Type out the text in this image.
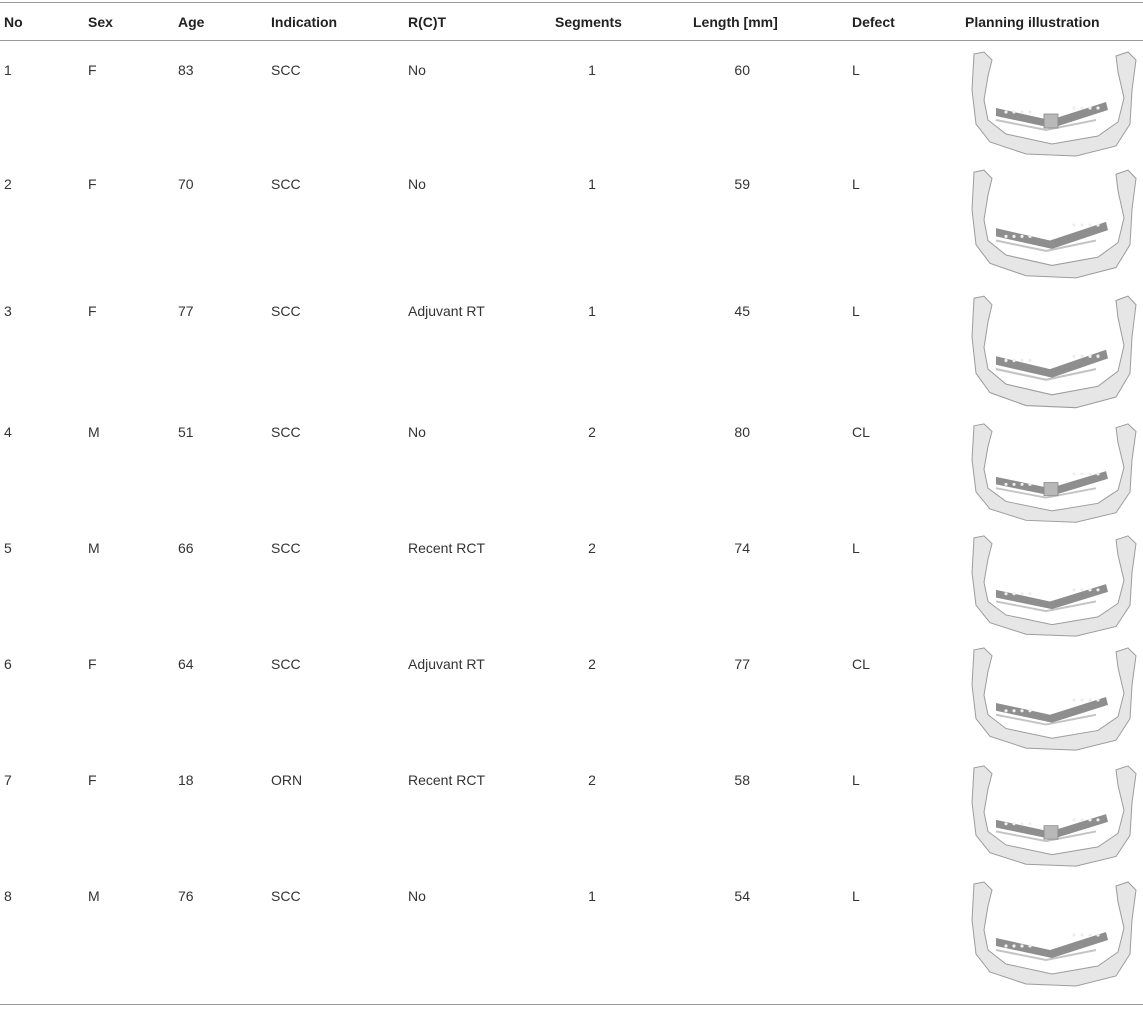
No	Sex	Age	Indication	R(C)T	Segments	Length [mm]	Defect	Planning illustration
1	F	83	SCC	No	1	60	L
2	F	70	SCC	No	1	59	L
3	F	77	SCC	Adjuvant RT	1	45	L
4	M	51	SCC	No	2	80	CL
5	M	66	SCC	Recent RCT	2	74	L
6	F	64	SCC	Adjuvant RT	2	77	CL
7	F	18	ORN	Recent RCT	2	58	L
8	M	76	SCC	No	1	54	L
